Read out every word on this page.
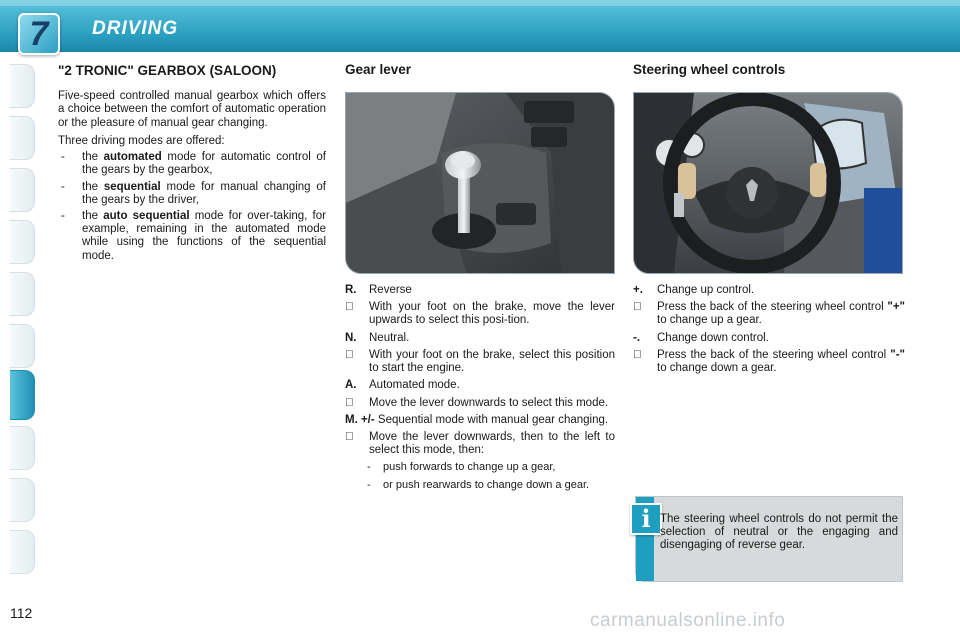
7	DRIVING
"2 TRONIC" GEARBOX (SALOON)

Five-speed controlled manual gearbox which offers a choice between the comfort of automatic operation or the pleasure of manual gear changing.

Three driving modes are offered:

- the automated mode for automatic control of the gears by the gearbox,
- the sequential mode for manual changing of the gears by the driver,
- the auto sequential mode for over-taking, for example, remaining in the automated mode while using the functions of the sequential mode.
Gear lever
R. Reverse
With your foot on the brake, move the lever upwards to select this posi-tion.
N. Neutral.
With your foot on the brake, select this position to start the engine.
A. Automated mode.
Move the lever downwards to select this mode.
M. +/- Sequential mode with manual gear changing.
Move the lever downwards, then to the left to select this mode, then:
- push forwards to change up a gear,
- or push rearwards to change down a gear.
Steering wheel controls
+. Change up control.
Press the back of the steering wheel control "+" to change up a gear.
-. Change down control.
Press the back of the steering wheel control "-" to change down a gear.
i The steering wheel controls do not permit the selection of neutral or the engaging and disengaging of reverse gear.
112	carmanualsonline.info
